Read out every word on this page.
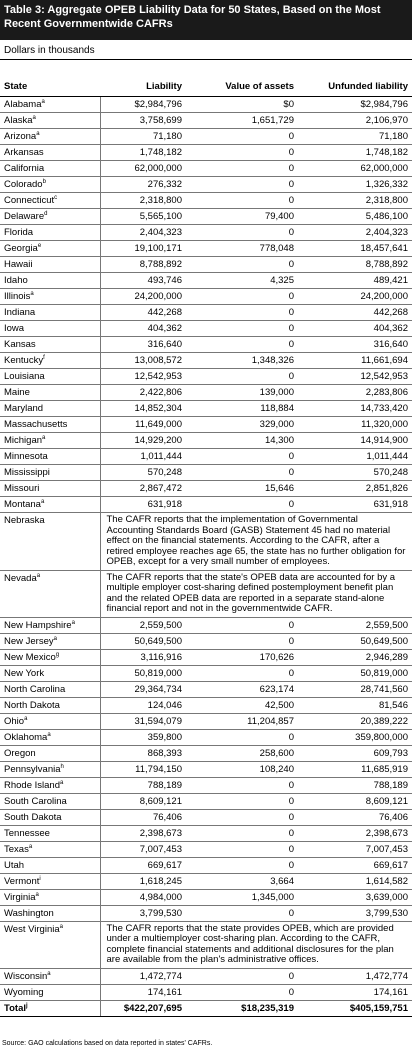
Table 3: Aggregate OPEB Liability Data for 50 States, Based on the Most Recent Governmentwide CAFRs
Dollars in thousands
State	Liability	Value of assets	Unfunded liability
Alabama$^a$	$2,984,796	$0	$2,984,796
Alaska$^a$	3,758,699	1,651,729	2,106,970
Arizona$^a$	71,180	0	71,180
Arkansas	1,748,182	0	1,748,182
California	62,000,000	0	62,000,000
Colorado$^b$	276,332	0	1,326,332
Connecticut$^c$	2,318,800	0	2,318,800
Delaware$^d$	5,565,100	79,400	5,486,100
Florida	2,404,323	0	2,404,323
Georgia$^e$	19,100,171	778,048	18,457,641
Hawaii	8,788,892	0	8,788,892
Idaho	493,746	4,325	489,421
Illinois$^a$	24,200,000	0	24,200,000
Indiana	442,268	0	442,268
Iowa	404,362	0	404,362
Kansas	316,640	0	316,640
Kentucky$^f$	13,008,572	1,348,326	11,661,694
Louisiana	12,542,953	0	12,542,953
Maine	2,422,806	139,000	2,283,806
Maryland	14,852,304	118,884	14,733,420
Massachusetts	11,649,000	329,000	11,320,000
Michigan$^a$	14,929,200	14,300	14,914,900
Minnesota	1,011,444	0	1,011,444
Mississippi	570,248	0	570,248
Missouri	2,867,472	15,646	2,851,826
Montana$^a$	631,918	0	631,918
Nebraska	The CAFR reports that the implementation of Governmental Accounting Standards Board (GASB) Statement 45 had no material effect on the financial statements. According to the CAFR, after a retired employee reaches age 65, the state has no further obligation for OPEB, except for a very small number of employees.		
Nevada$^a$	The CAFR reports that the state's OPEB data are accounted for by a multiple employer cost-sharing defined postemployment benefit plan and the related OPEB data are reported in a separate stand-alone financial report and not in the governmentwide CAFR.		
New Hampshire$^a$	2,559,500	0	2,559,500
New Jersey$^a$	50,649,500	0	50,649,500
New Mexico$^g$	3,116,916	170,626	2,946,289
New York	50,819,000	0	50,819,000
North Carolina	29,364,734	623,174	28,741,560
North Dakota	124,046	42,500	81,546
Ohio$^a$	31,594,079	11,204,857	20,389,222
Oklahoma$^a$	359,800	0	359,800,000
Oregon	868,393	258,600	609,793
Pennsylvania$^h$	11,794,150	108,240	11,685,919
Rhode Island$^a$	788,189	0	788,189
South Carolina	8,609,121	0	8,609,121
South Dakota	76,406	0	76,406
Tennessee	2,398,673	0	2,398,673
Texas$^a$	7,007,453	0	7,007,453
Utah	669,617	0	669,617
Vermont$^i$	1,618,245	3,664	1,614,582
Virginia$^a$	4,984,000	1,345,000	3,639,000
Washington	3,799,530	0	3,799,530
West Virginia$^a$	The CAFR reports that the state provides OPEB, which are provided under a multiemployer cost-sharing plan. According to the CAFR, complete financial statements and additional disclosures for the plan are available from the plan's administrative offices.		
Wisconsin$^a$	1,472,774	0	1,472,774
Wyoming	174,161	0	174,161
Total$^j$	$422,207,695	$18,235,319	$405,159,751
Source: GAO calculations based on data reported in states' CAFRs.
